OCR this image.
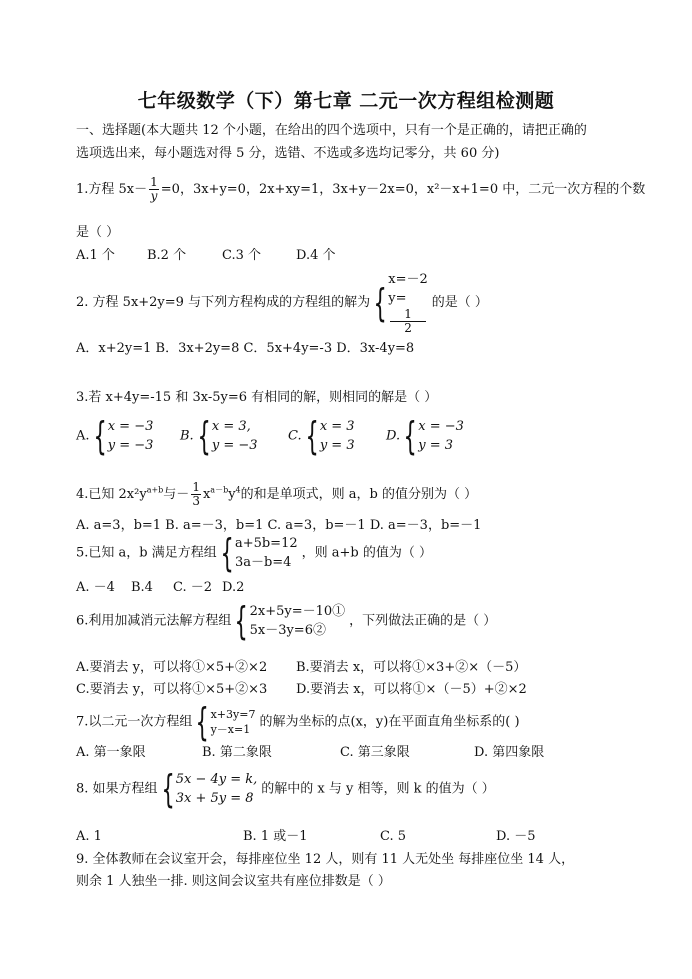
七年级数学（下）第七章 二元一次方程组检测题
一、选择题(本大题共 12 个小题，在给出的四个选项中，只有一个是正确的，请把正确的
选项选出来，每小题选对得 5 分，选错、不选或多选均记零分，共 60 分)
1.方程 $5x- \frac{1}{y} =0$，3x+y=0，2x+xy=1，3x+y－2x=0，x²－x+1=0 中，二元一次方程的个数
是（ ）
A.1 个 B.2 个	C.3 个	D.4 个
2. 方程 5x+2y=9 与下列方程构成的方程组的解为{
x=－2
y=
1
2
的是（ ）
A．x+2y=1 B．3x+2y=8 C．5x+4y=-3 D．3x-4y=8
3.若 x+4y=-15 和 3x-5y=6 有相同的解，则相同的解是（ ）
A.{ x = −3
y = −3
B.{ x = 3,
y = −3
C.{ x = 3
y = 3
D.{ x = −3
y = 3
4.已知 $2x^2y^{a+b}$与－ $\frac{1}{3} x^{a-b}y^4$的和是单项式，则 a，b 的值分别为（ ）
A. a=3，b=1 B. a=－3，b=1 C. a=3，b=－1 D. a=－3，b=－1
5.已知 a，b 满足方程组{ a+5b=12
3a－b=4
，则 a+b 的值为（ ）
A. －4 B.4 C. －2 D.2
6.利用加减消元法解方程组{ 2x+5y=－10①
5x－3y=6②
，下列做法正确的是（ ）
A.要消去 y，可以将①×5+②×2 B.要消去 x，可以将①×3+②×（－5）
C.要消去 y，可以将①×5+②×3 D.要消去 x，可以将①×（－5）+②×2
7.以二元一次方程组{ x+3y=7
y－x=1 的解为坐标的点(x，y)在平面直角坐标系的( )
A. 第一象限	B. 第二象限	C. 第三象限	D. 第四象限
8. 如果方程组{ 5x − 4y = k,
3x + 5y = 8
的解中的 x 与 y 相等，则 k 的值为（ ）
A. 1	B. 1 或－1	C. 5	D. －5
9. 全体教师在会议室开会，每排座位坐 12 人，则有 11 人无处坐 每排座位坐 14 人，
则余 1 人独坐一排. 则这间会议室共有座位排数是（ ）
